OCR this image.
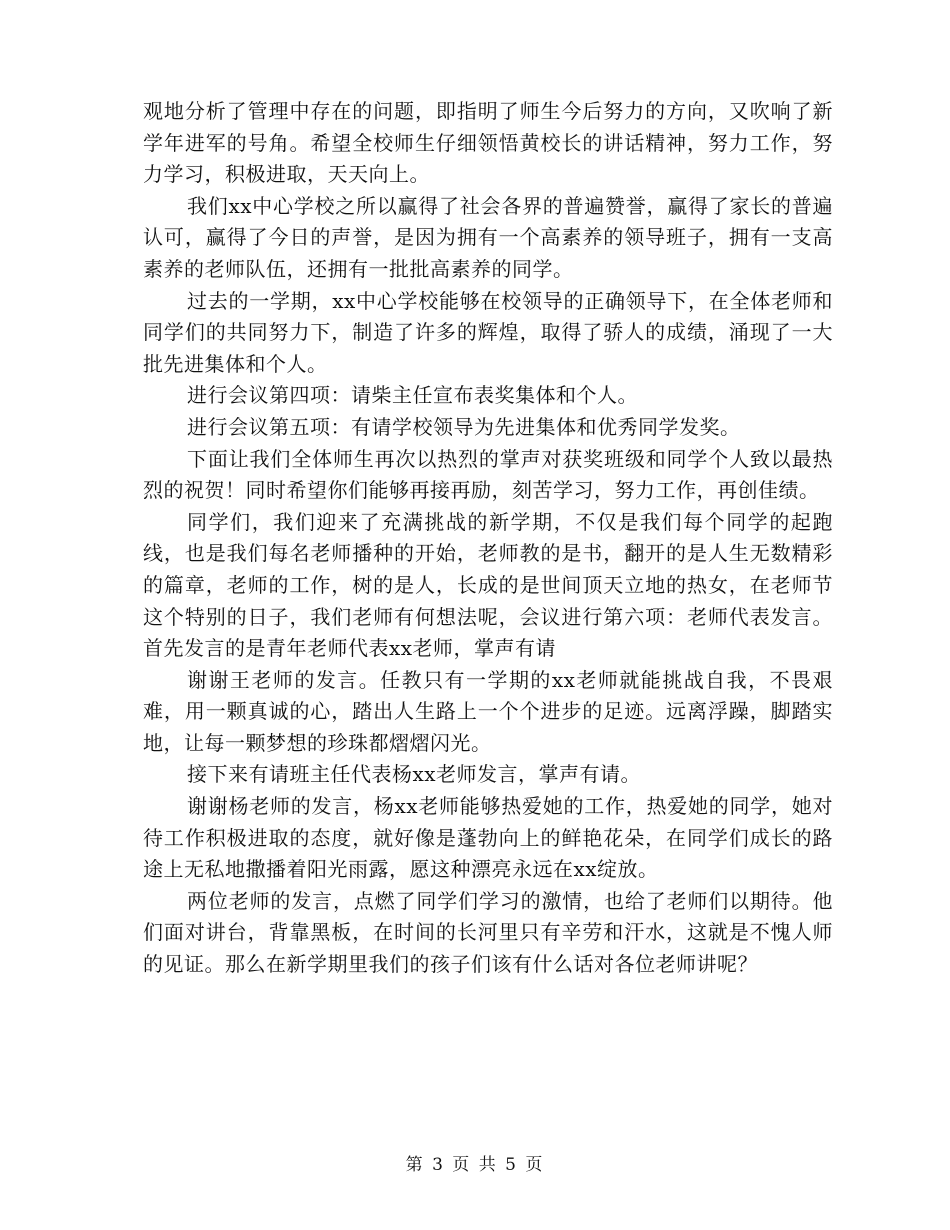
观地分析了管理中存在的问题，即指明了师生今后努力的方向，又吹响了新学年进军的号角。希望全校师生仔细领悟黄校长的讲话精神，努力工作，努力学习，积极进取，天天向上。

我们xx中心学校之所以赢得了社会各界的普遍赞誉，赢得了家长的普遍认可，赢得了今日的声誉，是因为拥有一个高素养的领导班子，拥有一支高素养的老师队伍，还拥有一批批高素养的同学。

过去的一学期，xx中心学校能够在校领导的正确领导下，在全体老师和同学们的共同努力下，制造了许多的辉煌，取得了骄人的成绩，涌现了一大批先进集体和个人。

进行会议第四项：请柴主任宣布表奖集体和个人。

进行会议第五项：有请学校领导为先进集体和优秀同学发奖。

下面让我们全体师生再次以热烈的掌声对获奖班级和同学个人致以最热烈的祝贺！同时希望你们能够再接再励，刻苦学习，努力工作，再创佳绩。

同学们，我们迎来了充满挑战的新学期，不仅是我们每个同学的起跑线，也是我们每名老师播种的开始，老师教的是书，翻开的是人生无数精彩的篇章，老师的工作，树的是人，长成的是世间顶天立地的热女，在老师节这个特别的日子，我们老师有何想法呢，会议进行第六项：老师代表发言。首先发言的是青年老师代表xx老师，掌声有请

谢谢王老师的发言。任教只有一学期的xx老师就能挑战自我，不畏艰难，用一颗真诚的心，踏出人生路上一个个进步的足迹。远离浮躁，脚踏实地，让每一颗梦想的珍珠都熠熠闪光。

接下来有请班主任代表杨xx老师发言，掌声有请。

谢谢杨老师的发言，杨xx老师能够热爱她的工作，热爱她的同学，她对待工作积极进取的态度，就好像是蓬勃向上的鲜艳花朵，在同学们成长的路途上无私地撒播着阳光雨露，愿这种漂亮永远在xx绽放。

两位老师的发言，点燃了同学们学习的激情，也给了老师们以期待。他们面对讲台，背靠黑板，在时间的长河里只有辛劳和汗水，这就是不愧人师的见证。那么在新学期里我们的孩子们该有什么话对各位老师讲呢？

第 3 页 共 5 页
